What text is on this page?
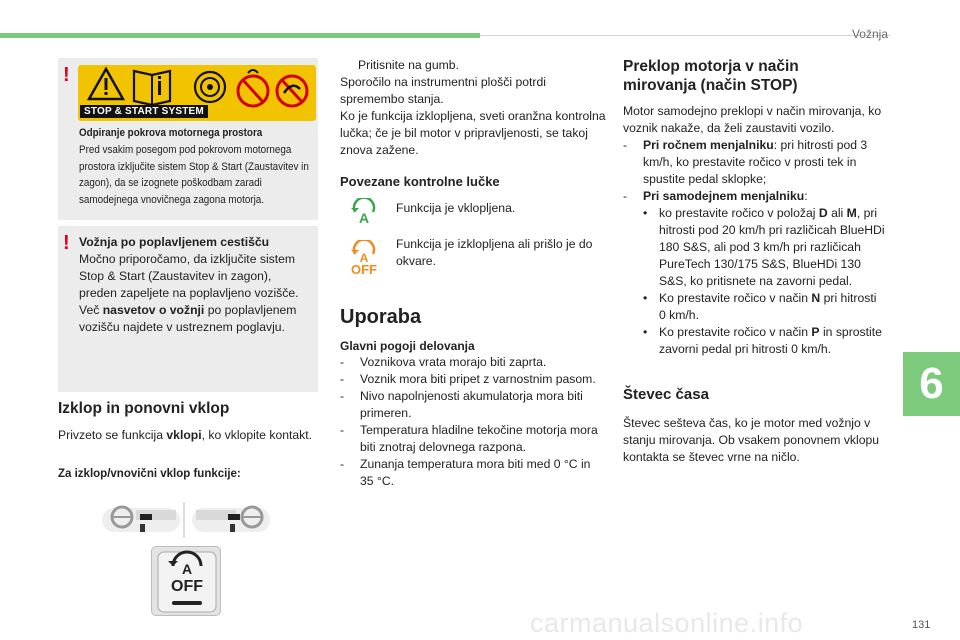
Vožnja
6
131
carmanualsonline.info
!
STOP & START SYSTEM
Odpiranje pokrova motornega prostora
Pred vsakim posegom pod pokrovom motornega prostora izključite sistem Stop & Start (Zaustavitev in zagon), da se izognete poškodbam zaradi samodejnega vnovičnega zagona motorja.
! Vožnja po poplavljenem cestišču
Močno priporočamo, da izključite sistem Stop & Start (Zaustavitev in zagon), preden zapeljete na poplavljeno vozišče. Več nasvetov o vožnji po poplavljenem vozišču najdete v ustreznem poglavju.
Izklop in ponovni vklop
Privzeto se funkcija vklopi, ko vklopite kontakt.
Za izklop/vnovični vklop funkcije:
A
OFF
Pritisnite na gumb.
Sporočilo na instrumentni plošči potrdi spremembo stanja.
Ko je funkcija izklopljena, sveti oranžna kontrolna lučka; če je bil motor v pripravljenosti, se takoj znova zažene.
Povezane kontrolne lučke
A
Funkcija je vklopljena.
A
OFF
Funkcija je izklopljena ali prišlo je do okvare.
Uporaba
Glavni pogoji delovanja
-	Voznikova vrata morajo biti zaprta.
-	Voznik mora biti pripet z varnostnim pasom.
-	Nivo napolnjenosti akumulatorja mora biti primeren.
-	Temperatura hladilne tekočine motorja mora biti znotraj delovnega razpona.
-	Zunanja temperatura mora biti med 0 °C in 35 °C.
Preklop motorja v način mirovanja (način STOP)
Motor samodejno preklopi v način mirovanja, ko voznik nakaže, da želi zaustaviti vozilo.
-	Pri ročnem menjalniku: pri hitrosti pod 3 km/h, ko prestavite ročico v prosti tek in spustite pedal sklopke;
-	Pri samodejnem menjalniku:
• ko prestavite ročico v položaj D ali M, pri hitrosti pod 20 km/h pri različicah BlueHDi 180 S&S, ali pod 3 km/h pri različicah PureTech 130/175 S&S, BlueHDi 130 S&S, ko pritisnete na zavorni pedal.
• Ko prestavite ročico v način N pri hitrosti 0 km/h.
• Ko prestavite ročico v način P in sprostite zavorni pedal pri hitrosti 0 km/h.
Števec časa
Števec sešteva čas, ko je motor med vožnjo v stanju mirovanja. Ob vsakem ponovnem vklopu kontakta se števec vrne na ničlo.
